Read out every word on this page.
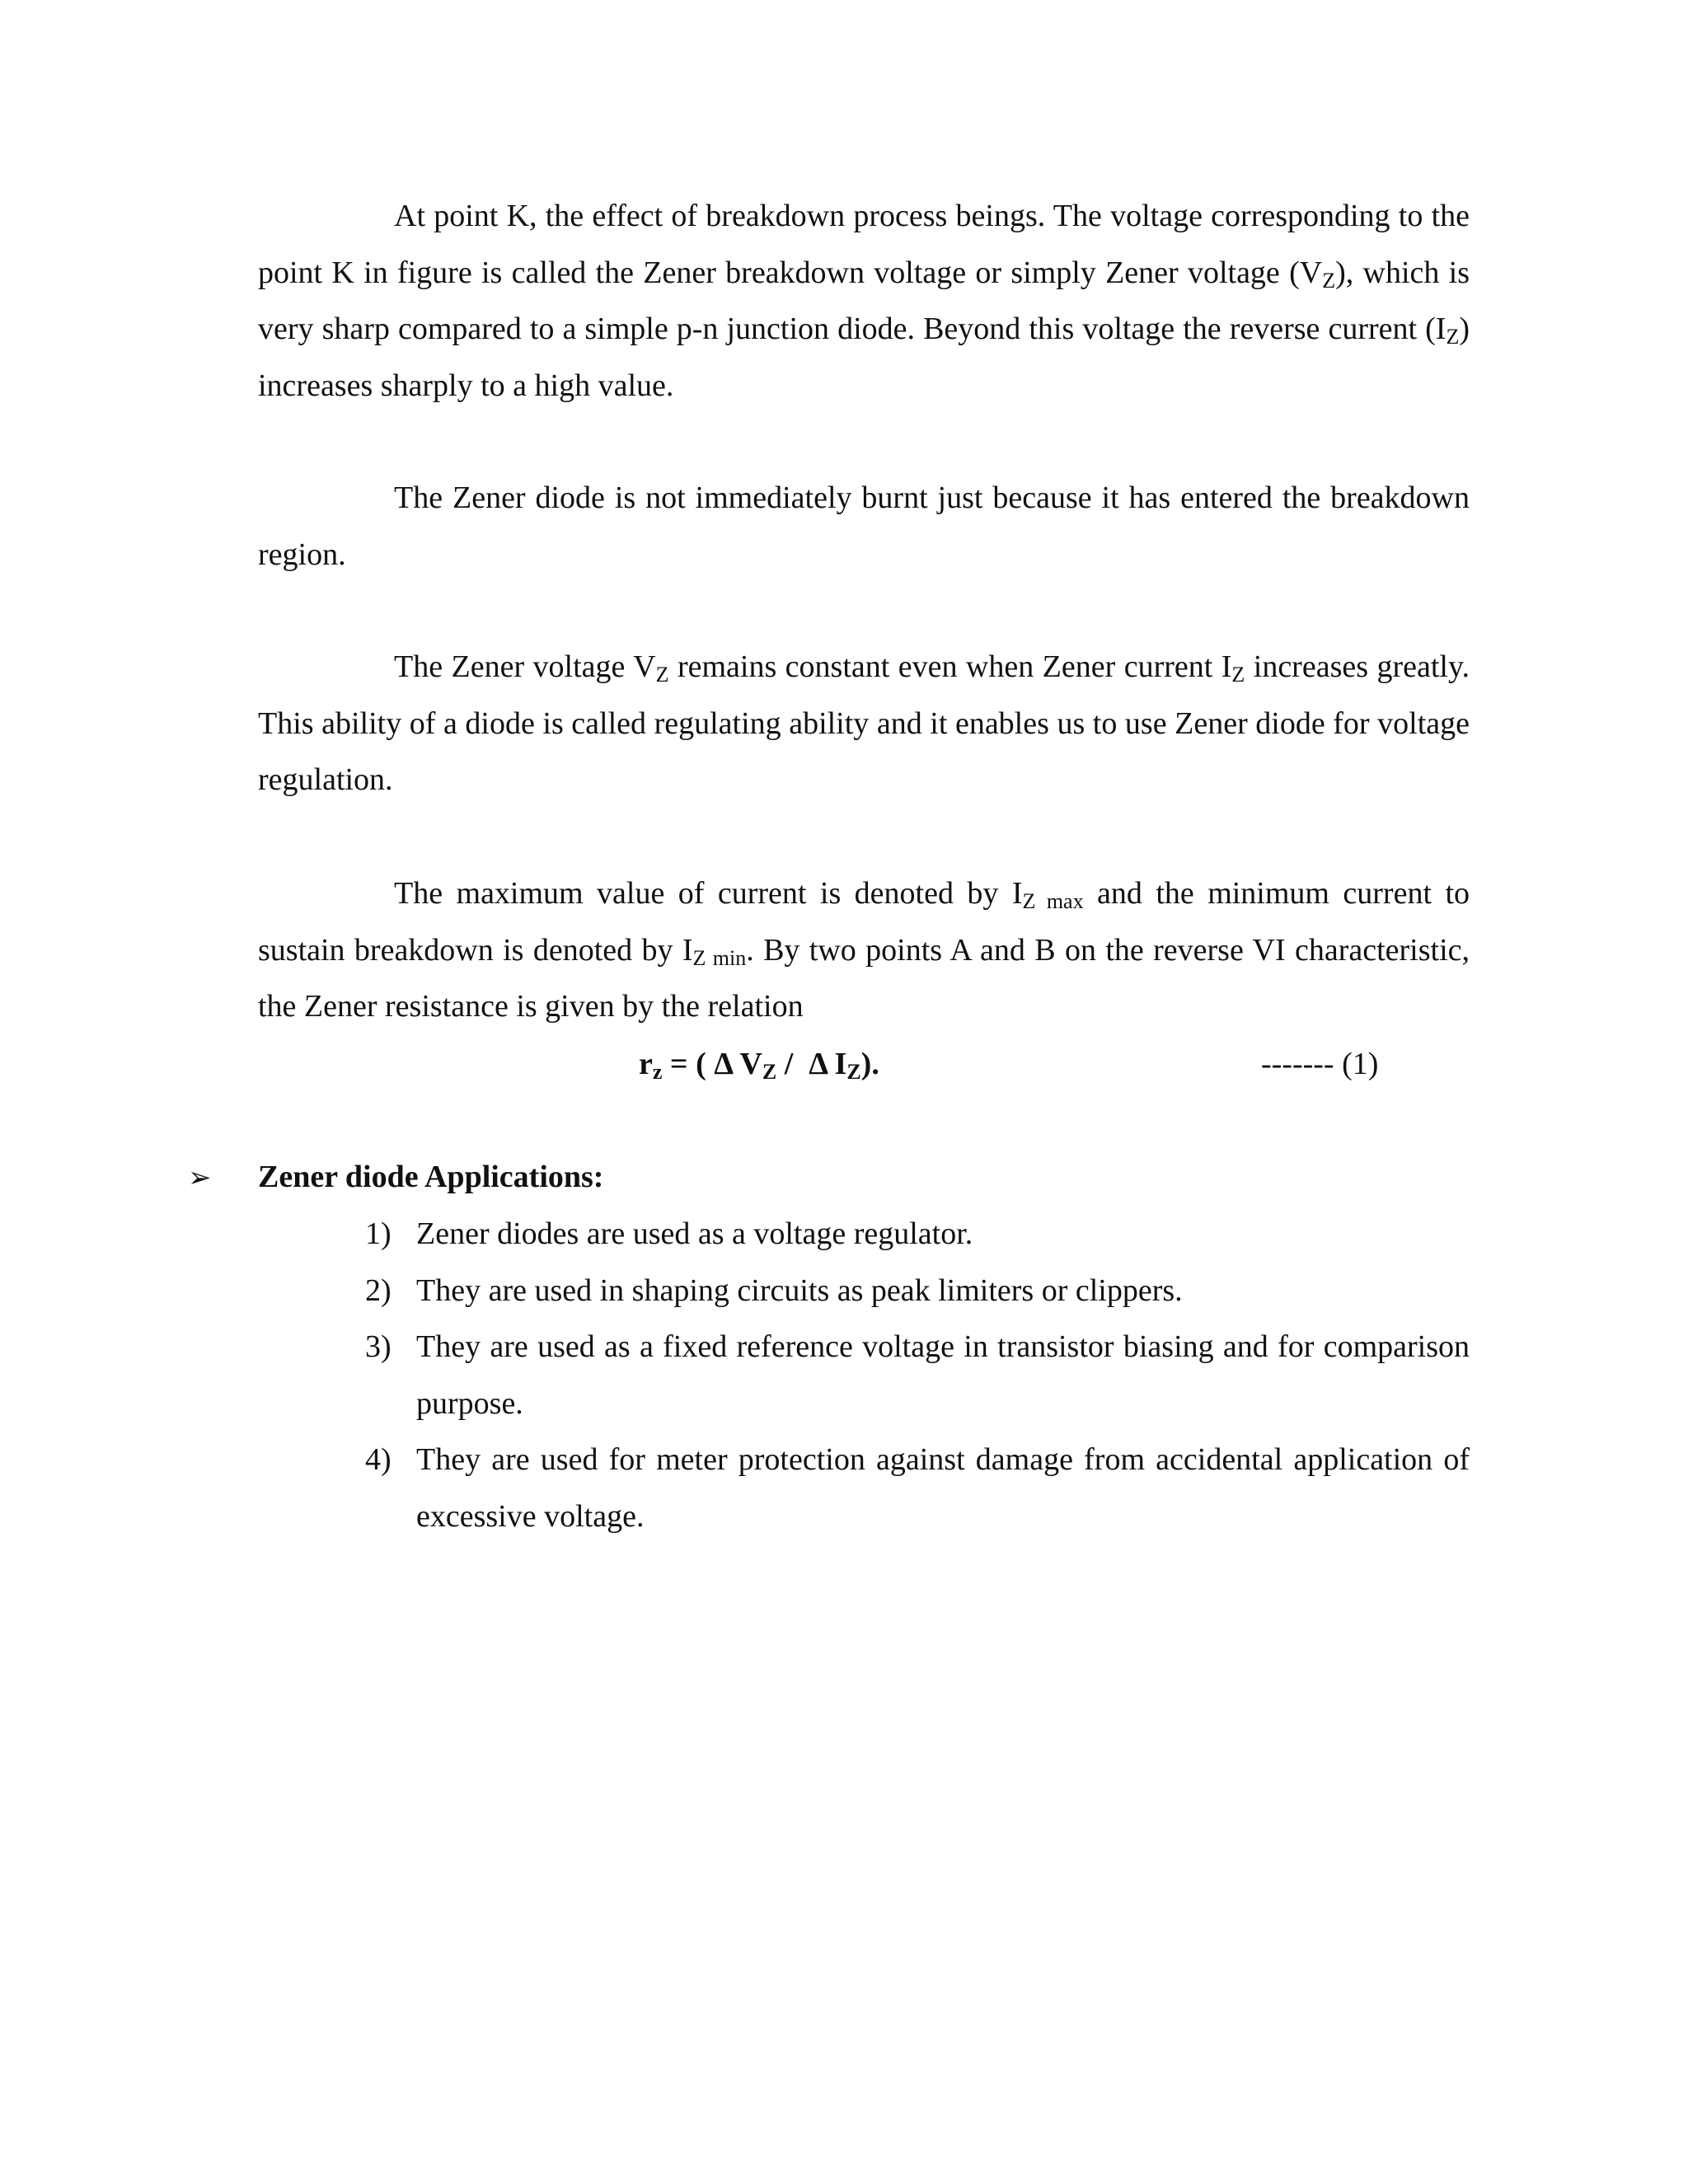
At point K, the effect of breakdown process beings. The voltage corresponding to the point K in figure is called the Zener breakdown voltage or simply Zener voltage (VZ), which is very sharp compared to a simple p-n junction diode. Beyond this voltage the reverse current (IZ) increases sharply to a high value.

The Zener diode is not immediately burnt just because it has entered the breakdown region.

The Zener voltage VZ remains constant even when Zener current IZ increases greatly. This ability of a diode is called regulating ability and it enables us to use Zener diode for voltage regulation.

The maximum value of current is denoted by IZ max and the minimum current to sustain breakdown is denoted by IZ min. By two points A and B on the reverse VI characteristic, the Zener resistance is given by the relation

rz = ( Δ VZ /  Δ IZ).	------- (1)
➢ Zener diode Applications:
1) Zener diodes are used as a voltage regulator.
2) They are used in shaping circuits as peak limiters or clippers.
3) They are used as a fixed reference voltage in transistor biasing and for comparison purpose.
4) They are used for meter protection against damage from accidental application of excessive voltage.
